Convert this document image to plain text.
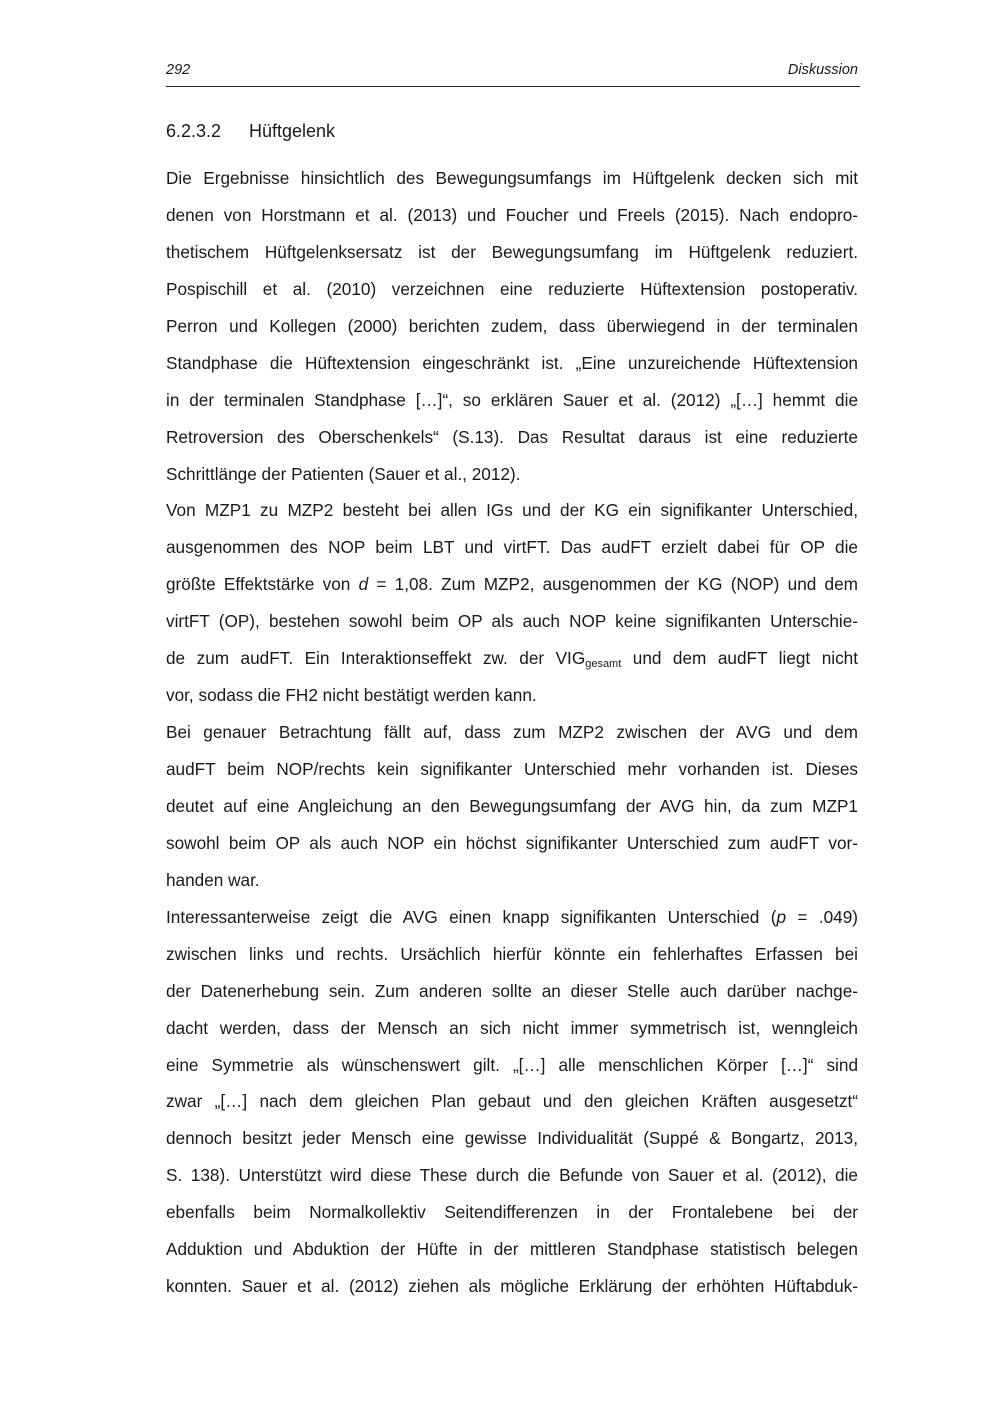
292	Diskussion
6.2.3.2 Hüftgelenk
Die Ergebnisse hinsichtlich des Bewegungsumfangs im Hüftgelenk decken sich mit
denen von Horstmann et al. (2013) und Foucher und Freels (2015). Nach endopro-
thetischem Hüftgelenksersatz ist der Bewegungsumfang im Hüftgelenk reduziert.
Pospischill et al. (2010) verzeichnen eine reduzierte Hüftextension postoperativ.
Perron und Kollegen (2000) berichten zudem, dass überwiegend in der terminalen
Standphase die Hüftextension eingeschränkt ist. „Eine unzureichende Hüftextension
in der terminalen Standphase […]“, so erklären Sauer et al. (2012) „[…] hemmt die
Retroversion des Oberschenkels“ (S.13). Das Resultat daraus ist eine reduzierte
Schrittlänge der Patienten (Sauer et al., 2012).
Von MZP1 zu MZP2 besteht bei allen IGs und der KG ein signifikanter Unterschied,
ausgenommen des NOP beim LBT und virtFT. Das audFT erzielt dabei für OP die
größte Effektstärke von d = 1,08. Zum MZP2, ausgenommen der KG (NOP) und dem
virtFT (OP), bestehen sowohl beim OP als auch NOP keine signifikanten Unterschie-
de zum audFT. Ein Interaktionseffekt zw. der $VIG_{gesamt}$ und dem audFT liegt nicht
vor, sodass die FH2 nicht bestätigt werden kann.
Bei genauer Betrachtung fällt auf, dass zum MZP2 zwischen der AVG und dem
audFT beim NOP/rechts kein signifikanter Unterschied mehr vorhanden ist. Dieses
deutet auf eine Angleichung an den Bewegungsumfang der AVG hin, da zum MZP1
sowohl beim OP als auch NOP ein höchst signifikanter Unterschied zum audFT vor-
handen war.
Interessanterweise zeigt die AVG einen knapp signifikanten Unterschied (p = .049)
zwischen links und rechts. Ursächlich hierfür könnte ein fehlerhaftes Erfassen bei
der Datenerhebung sein. Zum anderen sollte an dieser Stelle auch darüber nachge-
dacht werden, dass der Mensch an sich nicht immer symmetrisch ist, wenngleich
eine Symmetrie als wünschenswert gilt. „[…] alle menschlichen Körper […]“ sind
zwar „[…] nach dem gleichen Plan gebaut und den gleichen Kräften ausgesetzt“
dennoch besitzt jeder Mensch eine gewisse Individualität (Suppé & Bongartz, 2013,
S. 138). Unterstützt wird diese These durch die Befunde von Sauer et al. (2012), die
ebenfalls beim Normalkollektiv Seitendifferenzen in der Frontalebene bei der
Adduktion und Abduktion der Hüfte in der mittleren Standphase statistisch belegen
konnten. Sauer et al. (2012) ziehen als mögliche Erklärung der erhöhten Hüftabduk-
